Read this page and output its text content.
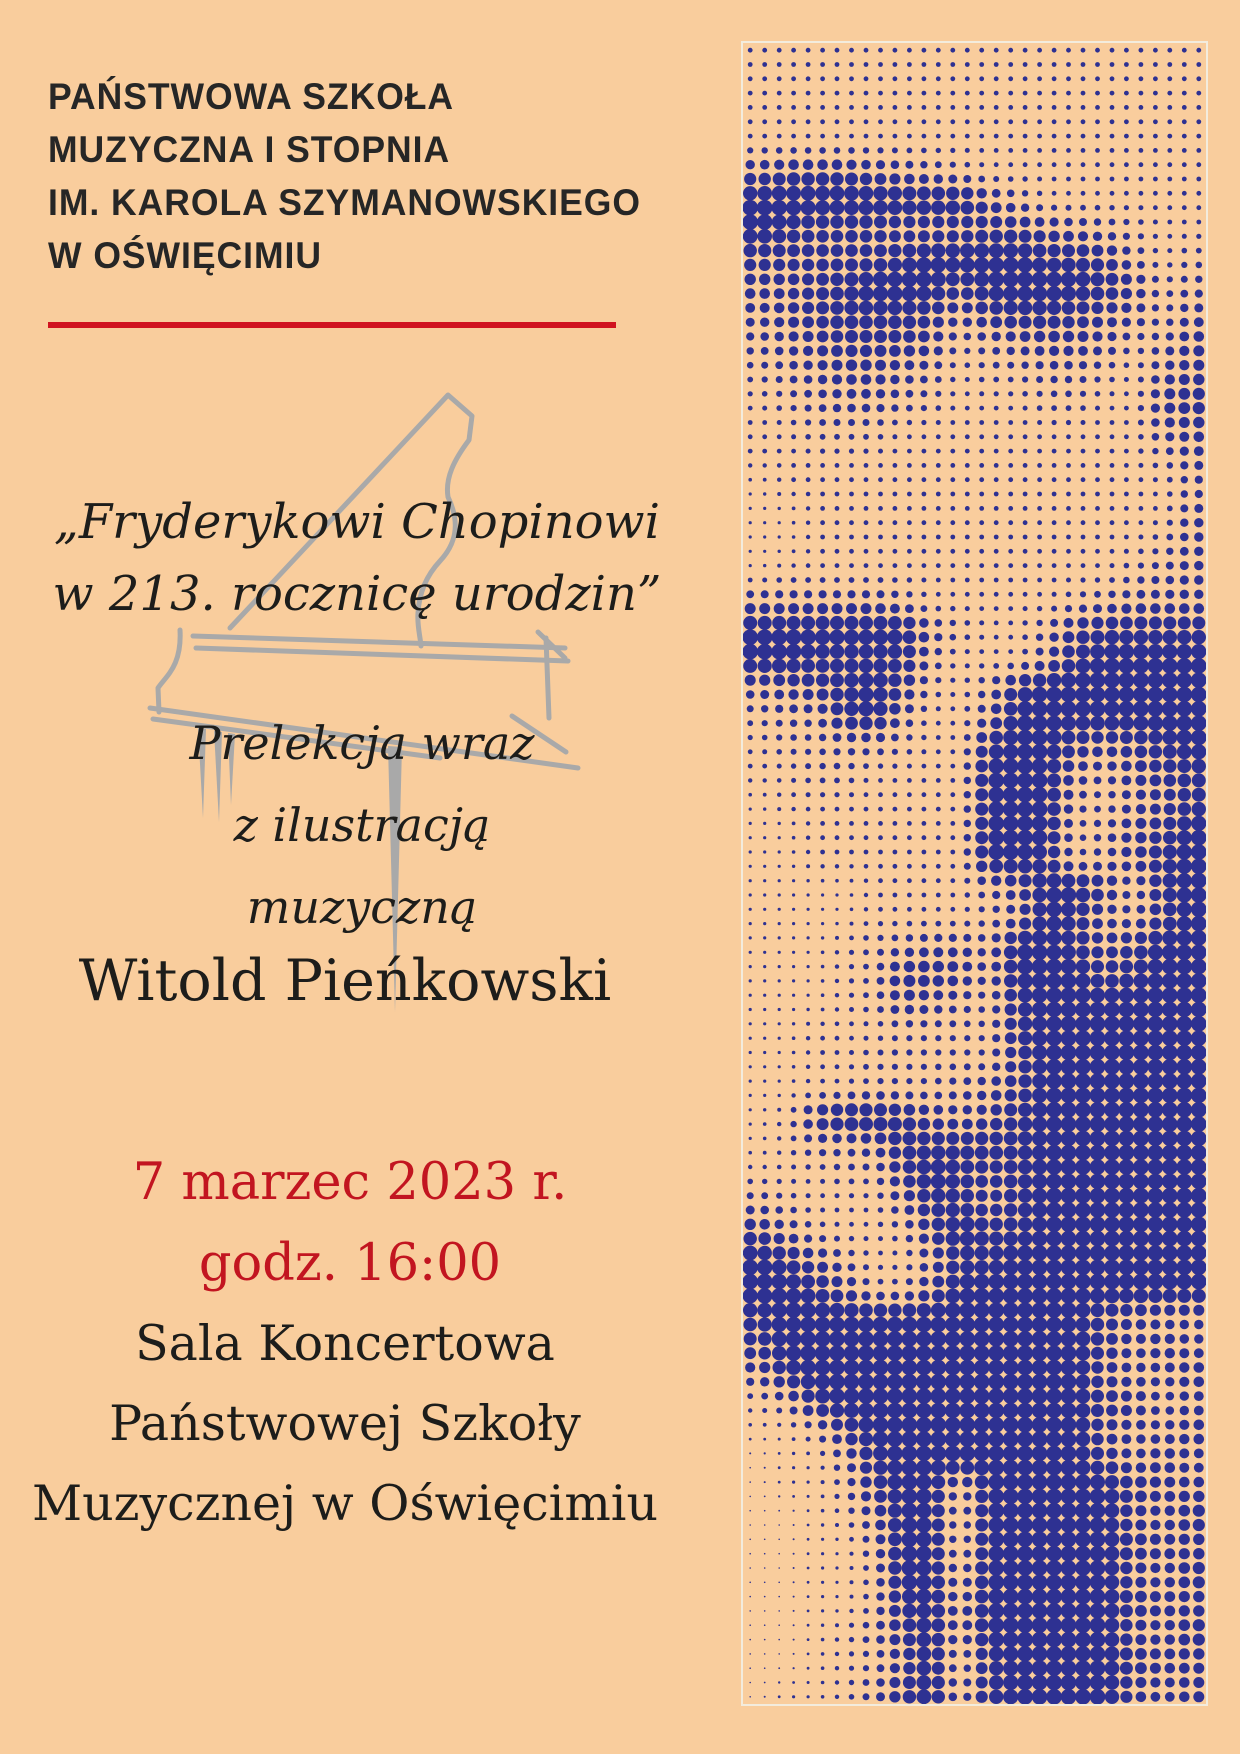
PAŃSTWOWA SZKOŁA
MUZYCZNA I STOPNIA
IM. KAROLA SZYMANOWSKIEGO
W OŚWIĘCIMIU
„Fryderykowi Chopinowi
w 213. rocznicę urodzin”
Prelekcja wraz
z ilustracją
muzyczną
Witold Pieńkowski
7 marzec 2023 r.
godz. 16:00
Sala Koncertowa
Państwowej Szkoły
Muzycznej w Oświęcimiu
